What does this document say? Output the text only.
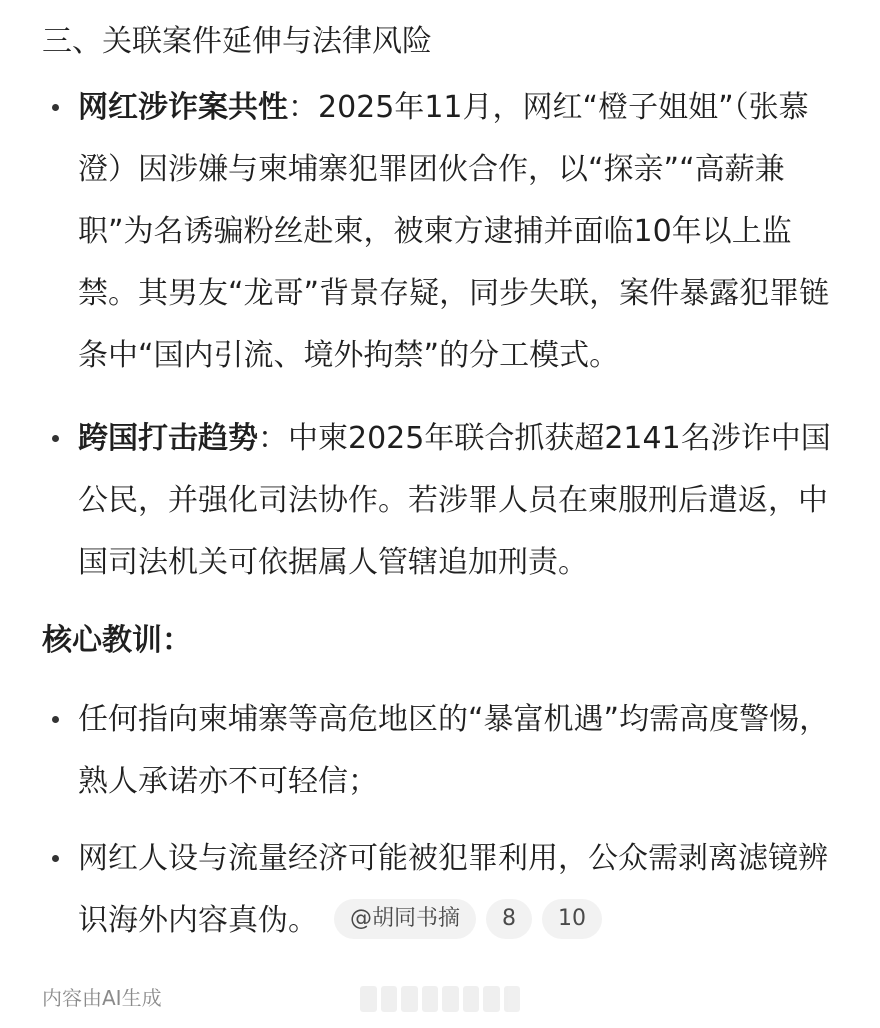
三、关联案件延伸与法律风险
网红涉诈案共性：2025年11月，网红“橙子姐姐”（张慕澄）因涉嫌与柬埔寨犯罪团伙合作，以“探亲”“高薪兼职”为名诱骗粉丝赴柬，被柬方逮捕并面临10年以上监禁。其男友“龙哥”背景存疑，同步失联，案件暴露犯罪链条中“国内引流、境外拘禁”的分工模式。
跨国打击趋势：中柬2025年联合抓获超2141名涉诈中国公民，并强化司法协作。若涉罪人员在柬服刑后遣返，中国司法机关可依据属人管辖追加刑责。
核心教训：
任何指向柬埔寨等高危地区的“暴富机遇”均需高度警惕，熟人承诺亦不可轻信；
网红人设与流量经济可能被犯罪利用，公众需剥离滤镜辨识海外内容真伪。	@胡同书摘	8	10
内容由AI生成
